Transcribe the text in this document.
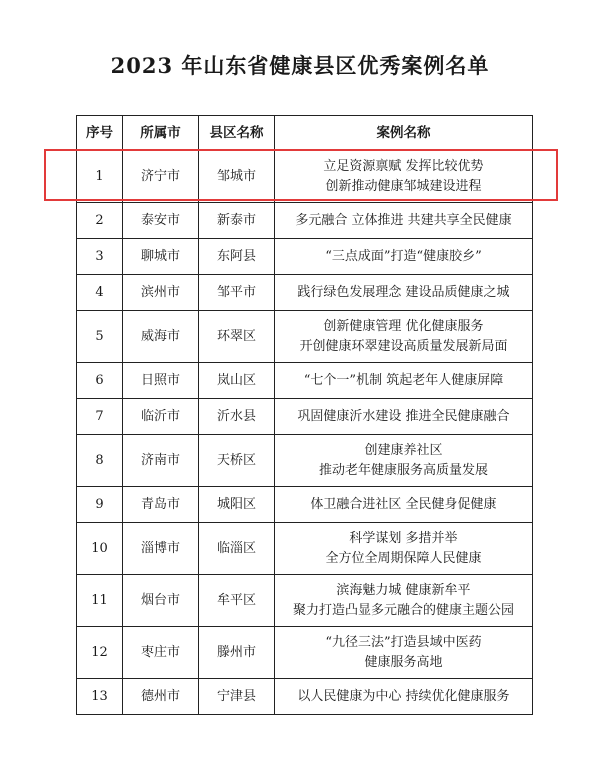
2023 年山东省健康县区优秀案例名单
序号	所属市	县区名称	案例名称
1	济宁市	邹城市	立足资源禀赋 发挥比较优势
创新推动健康邹城建设进程

2	泰安市	新泰市	多元融合 立体推进 共建共享全民健康

3	聊城市	东阿县	“三点成面”打造“健康胶乡”

4	滨州市	邹平市	践行绿色发展理念 建设品质健康之城

5	威海市	环翠区	创新健康管理 优化健康服务
开创健康环翠建设高质量发展新局面

6	日照市	岚山区	“七个一”机制 筑起老年人健康屏障

7	临沂市	沂水县	巩固健康沂水建设 推进全民健康融合

8	济南市	天桥区	创建康养社区
推动老年健康服务高质量发展

9	青岛市	城阳区	体卫融合进社区 全民健身促健康

10	淄博市	临淄区	科学谋划 多措并举
全方位全周期保障人民健康

11	烟台市	牟平区	滨海魅力城 健康新牟平
聚力打造凸显多元融合的健康主题公园

12	枣庄市	滕州市	“九径三法”打造县域中医药
健康服务高地

13	德州市	宁津县	以人民健康为中心 持续优化健康服务
